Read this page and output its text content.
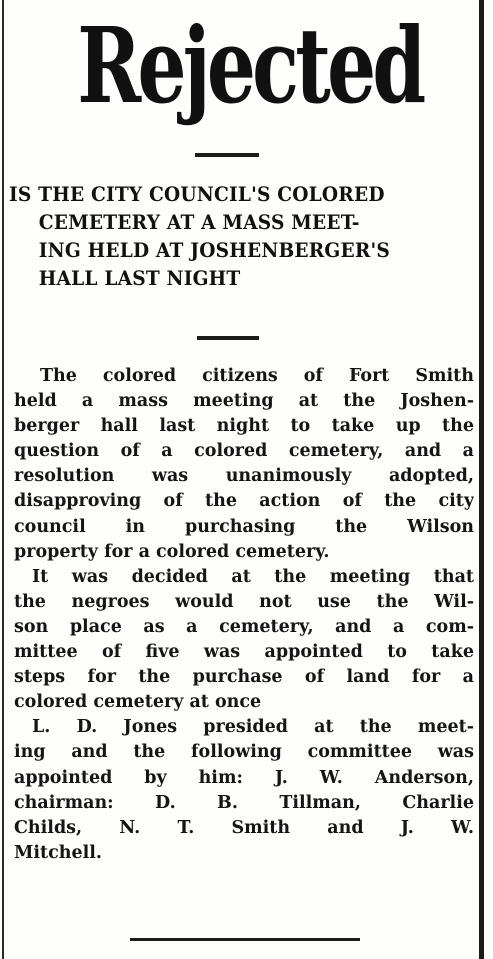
Rejected
IS THE CITY COUNCIL'S COLORED
CEMETERY AT A MASS MEET-
ING HELD AT JOSHENBERGER'S
HALL LAST NIGHT
The colored citizens of Fort Smith
held a mass meeting at the Joshen-
berger hall last night to take up the
question of a colored cemetery, and a
resolution was unanimously adopted,
disapproving of the action of the city
council in purchasing the Wilson
property for a colored cemetery.
It was decided at the meeting that
the negroes would not use the Wil-
son place as a cemetery, and a com-
mittee of five was appointed to take
steps for the purchase of land for a
colored cemetery at once
L. D. Jones presided at the meet-
ing and the following committee was
appointed by him: J. W. Anderson,
chairman: D. B. Tillman, Charlie
Childs, N. T. Smith and J. W.
Mitchell.
